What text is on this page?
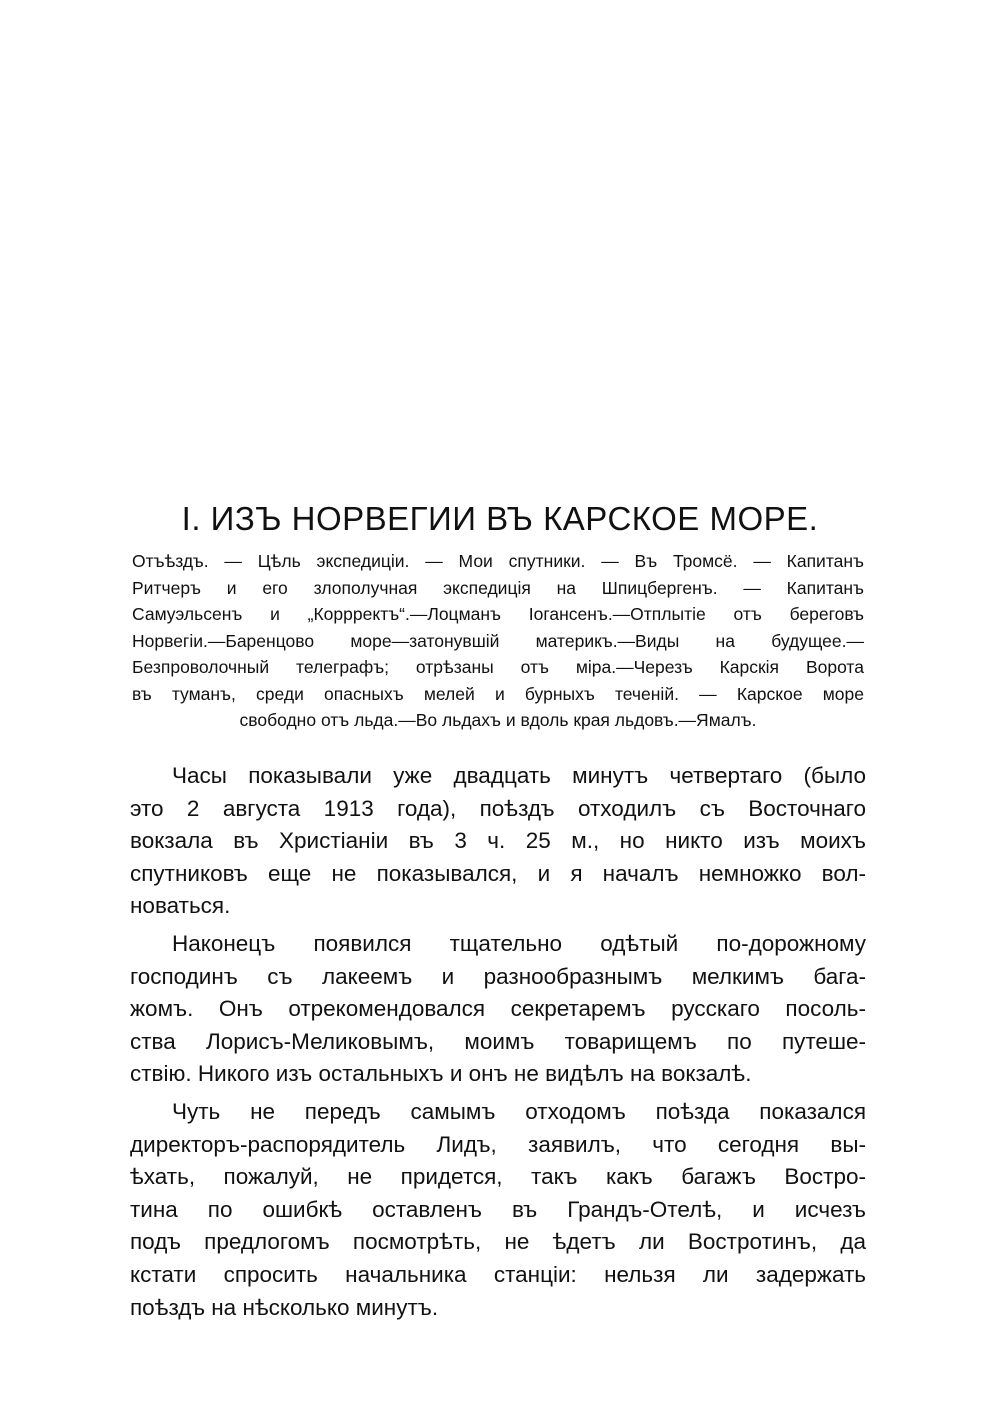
I. ИЗЪ НОРВЕГИИ ВЪ КАРСКОЕ МОРЕ.
Отъѣздъ. — Цѣль экспедиціи. — Мои спутники. — Въ Тромсё. — Капитанъ
Ритчеръ и его злополучная экспедиція на Шпицбергенъ. — Капитанъ
Самуэльсенъ и „Коррректъ“.—Лоцманъ Іогансенъ.—Отплытіе отъ береговъ
Норвегіи.—Баренцово море—затонувшій материкъ.—Виды на будущее.—
Безпроволочный телеграфъ; отрѣзаны отъ міра.—Черезъ Карскія Ворота
въ туманъ, среди опасныхъ мелей и бурныхъ теченій. — Карское море
свободно отъ льда.—Во льдахъ и вдоль края льдовъ.—Ямалъ.

Часы показывали уже двадцать минутъ четвертаго (было
это 2 августа 1913 года), поѣздъ отходилъ съ Восточнаго
вокзала въ Христіаніи въ 3 ч. 25 м., но никто изъ моихъ
спутниковъ еще не показывался, и я началъ немножко вол-
новаться.

Наконецъ появился тщательно одѣтый по-дорожному
господинъ съ лакеемъ и разнообразнымъ мелкимъ бага-
жомъ. Онъ отрекомендовался секретаремъ русскаго посоль-
ства Лорисъ-Меликовымъ, моимъ товарищемъ по путеше-
ствію. Никого изъ остальныхъ и онъ не видѣлъ на вокзалѣ.

Чуть не передъ самымъ отходомъ поѣзда показался
директоръ-распорядитель Лидъ, заявилъ, что сегодня вы-
ѣхать, пожалуй, не придется, такъ какъ багажъ Востро-
тина по ошибкѣ оставленъ въ Грандъ-Отелѣ, и исчезъ
подъ предлогомъ посмотрѣть, не ѣдетъ ли Востротинъ, да
кстати спросить начальника станціи: нельзя ли задержать
поѣздъ на нѣсколько минутъ.
